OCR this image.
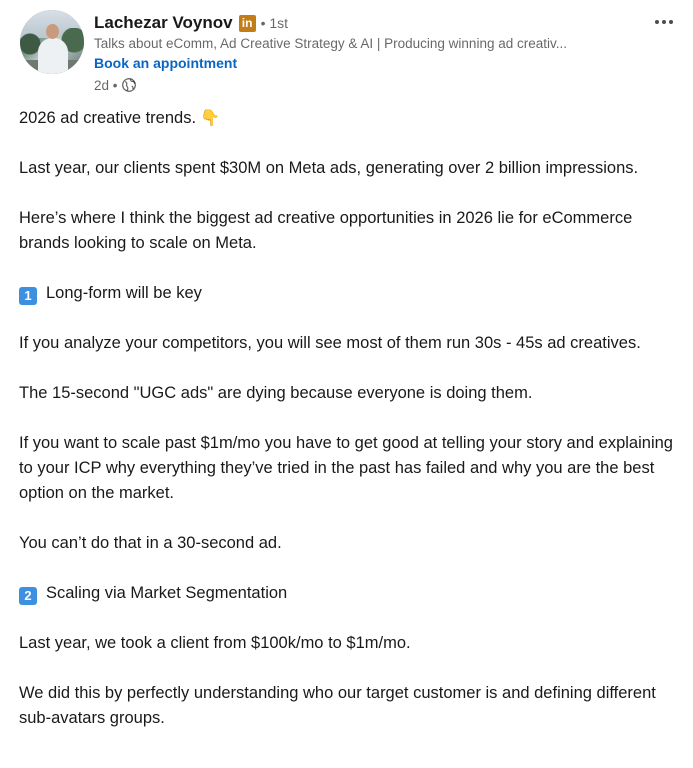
Lachezar Voynov in • 1st
Talks about eComm, Ad Creative Strategy & AI | Producing winning ad creativ...
Book an appointment
2d •

2026 ad creative trends. 👇

Last year, our clients spent $30M on Meta ads, generating over 2 billion impressions.

Here’s where I think the biggest ad creative opportunities in 2026 lie for eCommerce brands looking to scale on Meta.

1 Long-form will be key

If you analyze your competitors, you will see most of them run 30s - 45s ad creatives.

The 15-second "UGC ads" are dying because everyone is doing them.

If you want to scale past $1m/mo you have to get good at telling your story and explaining to your ICP why everything they’ve tried in the past has failed and why you are the best option on the market.

You can’t do that in a 30-second ad.

2 Scaling via Market Segmentation

Last year, we took a client from $100k/mo to $1m/mo.

We did this by perfectly understanding who our target customer is and defining different sub-avatars groups.
